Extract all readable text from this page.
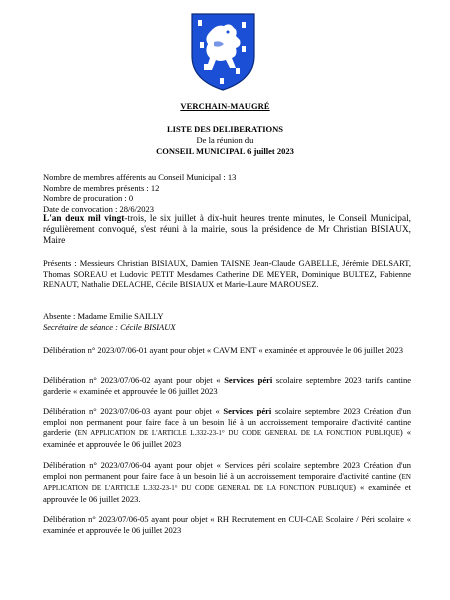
VERCHAIN-MAUGRÉ
LISTE DES DELIBERATIONS
De la réunion du
CONSEIL MUNICIPAL 6 juillet 2023
Nombre de membres afférents au Conseil Municipal : 13
Nombre de membres présents : 12
Nombre de procuration : 0
Date de convocation : 28/6/2023
L'an deux mil vingt-trois, le six juillet à dix-huit heures trente minutes, le Conseil Municipal, régulièrement convoqué, s'est réuni à la mairie, sous la présidence de Mr Christian BISIAUX, Maire
Présents : Messieurs Christian BISIAUX, Damien TAISNE Jean-Claude GABELLE, Jérémie DELSART, Thomas SOREAU et Ludovic PETIT Mesdames Catherine DE MEYER, Dominique BULTEZ, Fabienne RENAUT, Nathalie DELACHE, Cécile BISIAUX et Marie-Laure MAROUSEZ.
Absente : Madame Emilie SAILLY
Secrétaire de séance : Cécile BISIAUX
Délibération n° 2023/07/06-01 ayant pour objet « CAVM ENT « examinée et approuvée le 06 juillet 2023
Délibération n° 2023/07/06-02 ayant pour objet « Services péri scolaire septembre 2023 tarifs cantine garderie « examinée et approuvée le 06 juillet 2023
Délibération n° 2023/07/06-03 ayant pour objet « Services péri scolaire septembre 2023 Création d'un emploi non permanent pour faire face à un besoin lié à un accroissement temporaire d'activité cantine garderie (EN APPLICATION DE L'ARTICLE L.332-23-1° DU CODE GENERAL DE LA FONCTION PUBLIQUE) « examinée et approuvée le 06 juillet 2023
Délibération n° 2023/07/06-04 ayant pour objet « Services péri scolaire septembre 2023 Création d'un emploi non permanent pour faire face à un besoin lié à un accroissement temporaire d'activité cantine (EN APPLICATION DE L'ARTICLE L.332-23-1° DU CODE GENERAL DE LA FONCTION PUBLIQUE) « examinée et approuvée le 06 juillet 2023.
Délibération n° 2023/07/06-05 ayant pour objet « RH Recrutement en CUI-CAE Scolaire / Péri scolaire « examinée et approuvée le 06 juillet 2023
